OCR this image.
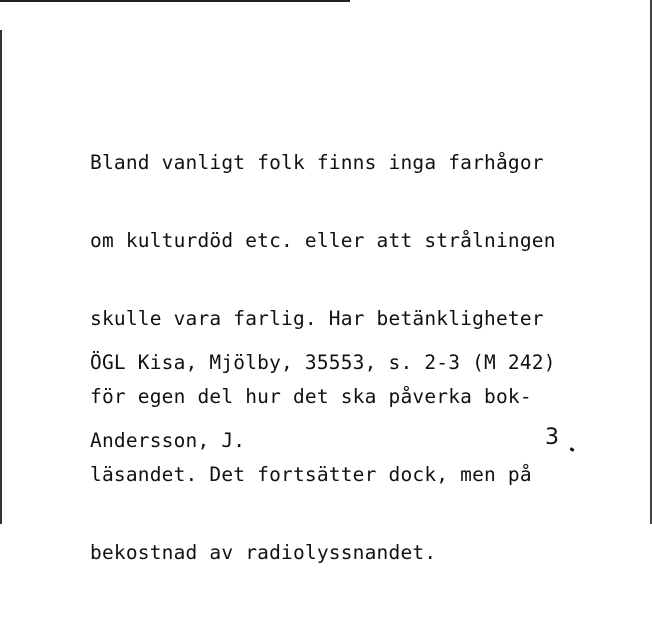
Bland vanligt folk finns inga farhågor

om kulturdöd etc. eller att strålningen

skulle vara farlig. Har betänkligheter

för egen del hur det ska påverka bok-

läsandet. Det fortsätter dock, men på

bekostnad av radiolyssnandet.

ÖGL Kisa, Mjölby, 35553, s. 2-3 (M 242)

Andersson, J.

	3
